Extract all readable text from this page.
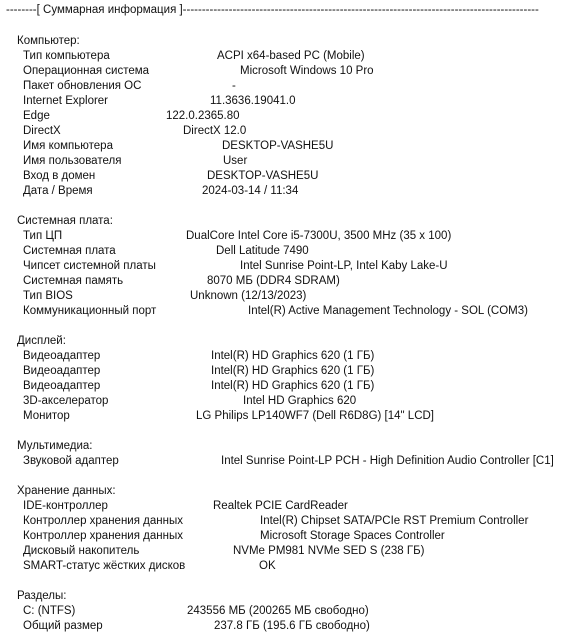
--------[ Суммарная информация ]---------------------------------------------------------------------------------------------
Компьютер:
Тип компьютера	ACPI x64-based PC (Mobile)
Операционная система	Microsoft Windows 10 Pro
Пакет обновления ОС	-
Internet Explorer	11.3636.19041.0
Edge	122.0.2365.80
DirectX	DirectX 12.0
Имя компьютера	DESKTOP-VASHE5U
Имя пользователя	User
Вход в домен	DESKTOP-VASHE5U
Дата / Время	2024-03-14 / 11:34
Системная плата:
Тип ЦП	DualCore Intel Core i5-7300U, 3500 MHz (35 x 100)
Системная плата	Dell Latitude 7490
Чипсет системной платы	Intel Sunrise Point-LP, Intel Kaby Lake-U
Системная память	8070 МБ (DDR4 SDRAM)
Тип BIOS	Unknown (12/13/2023)
Коммуникационный порт	Intel(R) Active Management Technology - SOL (COM3)
Дисплей:
Видеоадаптер	Intel(R) HD Graphics 620 (1 ГБ)
Видеоадаптер	Intel(R) HD Graphics 620 (1 ГБ)
Видеоадаптер	Intel(R) HD Graphics 620 (1 ГБ)
3D-акселератор	Intel HD Graphics 620
Монитор	LG Philips LP140WF7 (Dell R6D8G) [14" LCD]
Мультимедиа:
Звуковой адаптер	Intel Sunrise Point-LP PCH - High Definition Audio Controller [C1]
Хранение данных:
IDE-контроллер	Realtek PCIE CardReader
Контроллер хранения данных	Intel(R) Chipset SATA/PCIe RST Premium Controller
Контроллер хранения данных	Microsoft Storage Spaces Controller
Дисковый накопитель	NVMe PM981 NVMe SED S (238 ГБ)
SMART-статус жёстких дисков	OK
Разделы:
C: (NTFS)	243556 МБ (200265 МБ свободно)
Общий размер	237.8 ГБ (195.6 ГБ свободно)
